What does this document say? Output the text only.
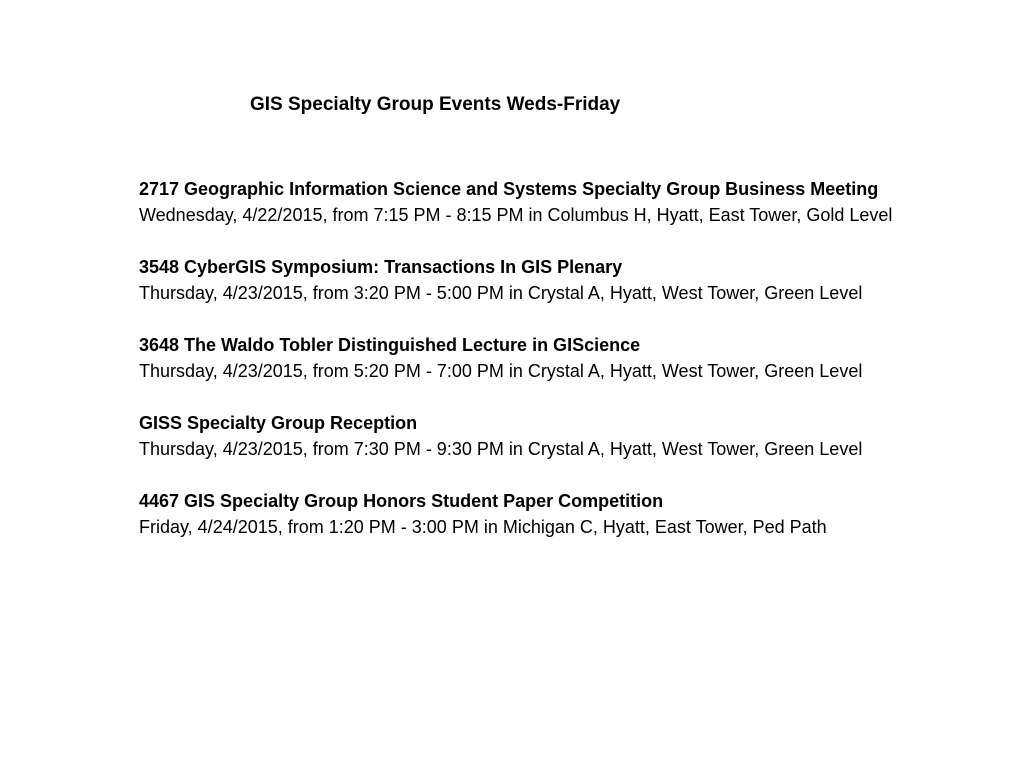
GIS Specialty Group Events Weds-Friday
2717 Geographic Information Science and Systems Specialty Group Business Meeting
Wednesday, 4/22/2015, from 7:15 PM - 8:15 PM in Columbus H, Hyatt, East Tower, Gold Level
3548 CyberGIS Symposium: Transactions In GIS Plenary
Thursday, 4/23/2015, from 3:20 PM - 5:00 PM in Crystal A, Hyatt, West Tower, Green Level
3648 The Waldo Tobler Distinguished Lecture in GIScience
Thursday, 4/23/2015, from 5:20 PM - 7:00 PM in Crystal A, Hyatt, West Tower, Green Level
GISS Specialty Group Reception
Thursday, 4/23/2015, from 7:30 PM - 9:30 PM in Crystal A, Hyatt, West Tower, Green Level
4467 GIS Specialty Group Honors Student Paper Competition
Friday, 4/24/2015, from 1:20 PM - 3:00 PM in Michigan C, Hyatt, East Tower, Ped Path
